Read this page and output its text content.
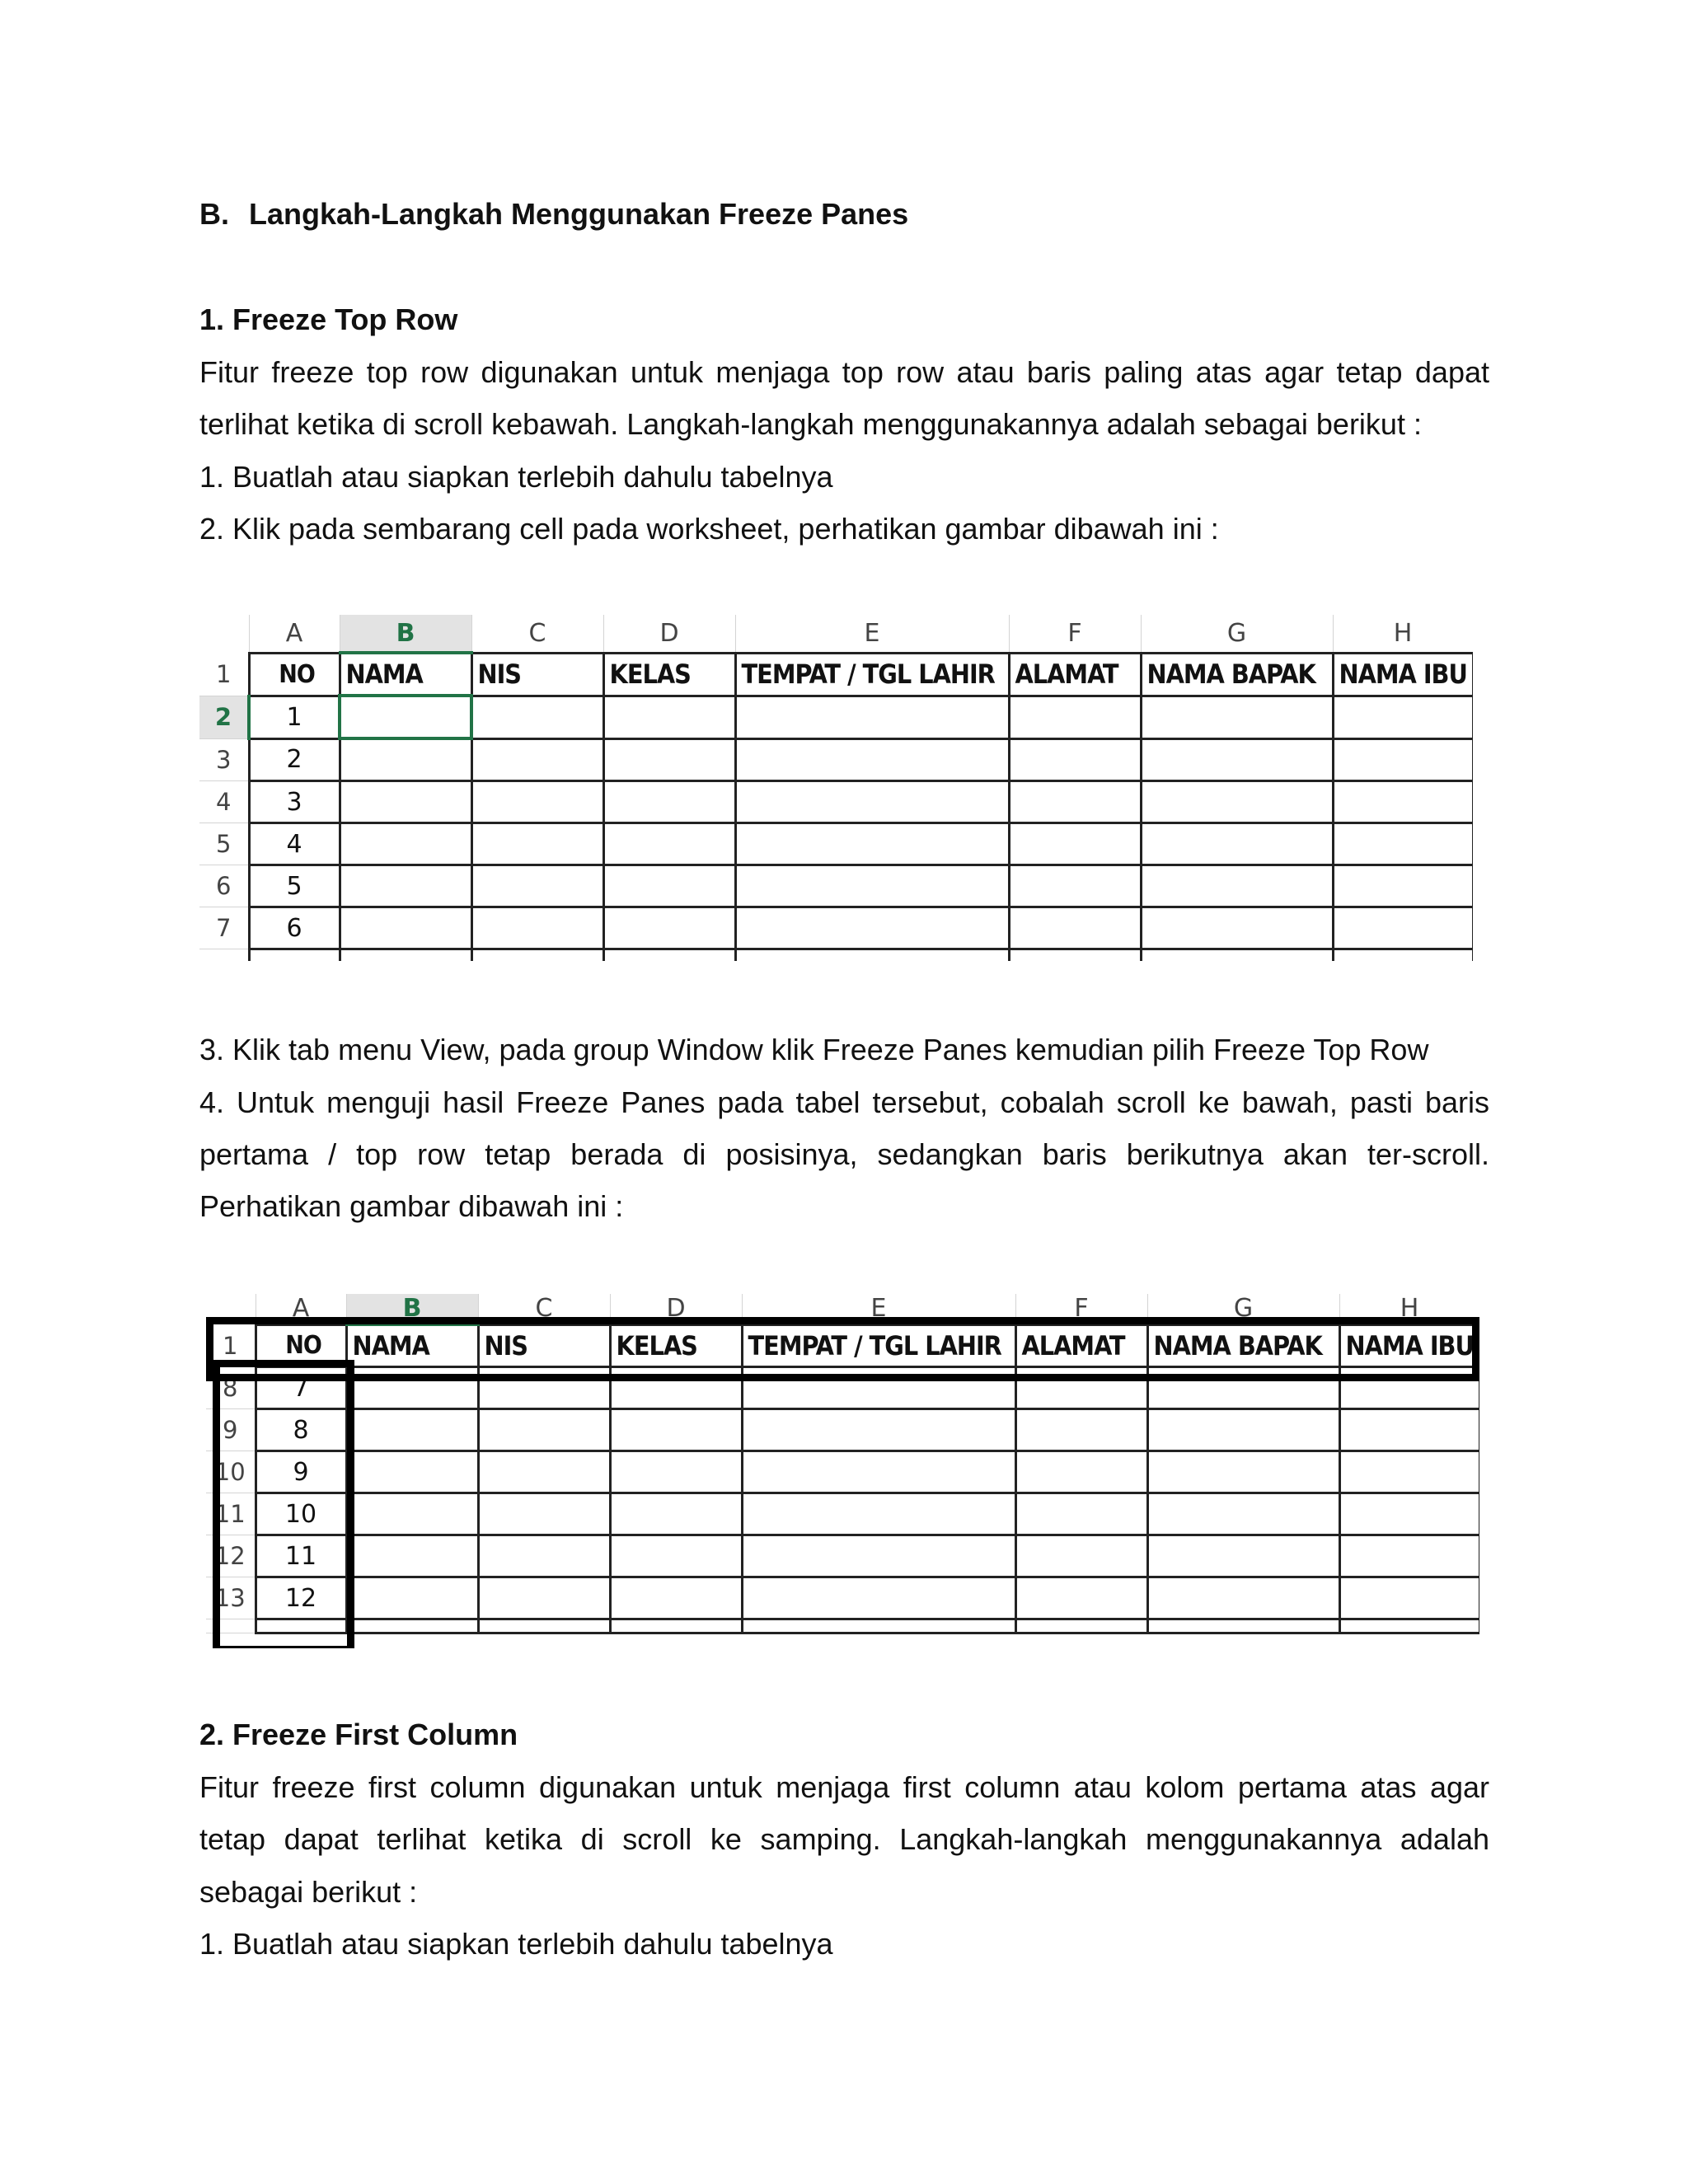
B. Langkah-Langkah Menggunakan Freeze Panes

1. Freeze Top Row

Fitur freeze top row digunakan untuk menjaga top row atau baris paling atas agar tetap dapat

terlihat ketika di scroll kebawah. Langkah-langkah menggunakannya adalah sebagai berikut :

1. Buatlah atau siapkan terlebih dahulu tabelnya

2. Klik pada sembarang cell pada worksheet, perhatikan gambar dibawah ini :

	A	B	C	D	E	F	G	H
1	NO	NAMA	NIS	KELAS	TEMPAT / TGL LAHIR	ALAMAT	NAMA BAPAK	NAMA IBU
2	1							
3	2							
4	3							
5	4							
6	5							
7	6							

3. Klik tab menu View, pada group Window klik Freeze Panes kemudian pilih Freeze Top Row

4. Untuk menguji hasil Freeze Panes pada tabel tersebut, cobalah scroll ke bawah, pasti baris

pertama / top row tetap berada di posisinya, sedangkan baris berikutnya akan ter-scroll.

Perhatikan gambar dibawah ini :

	A	B	C	D	E	F	G	H
1	NO	NAMA	NIS	KELAS	TEMPAT / TGL LAHIR	ALAMAT	NAMA BAPAK	NAMA IBU
8	7							
9	8							
10	9							
11	10							
12	11							
13	12							

2. Freeze First Column

Fitur freeze first column digunakan untuk menjaga first column atau kolom pertama atas agar

tetap dapat terlihat ketika di scroll ke samping. Langkah-langkah menggunakannya adalah

sebagai berikut :

1. Buatlah atau siapkan terlebih dahulu tabelnya
